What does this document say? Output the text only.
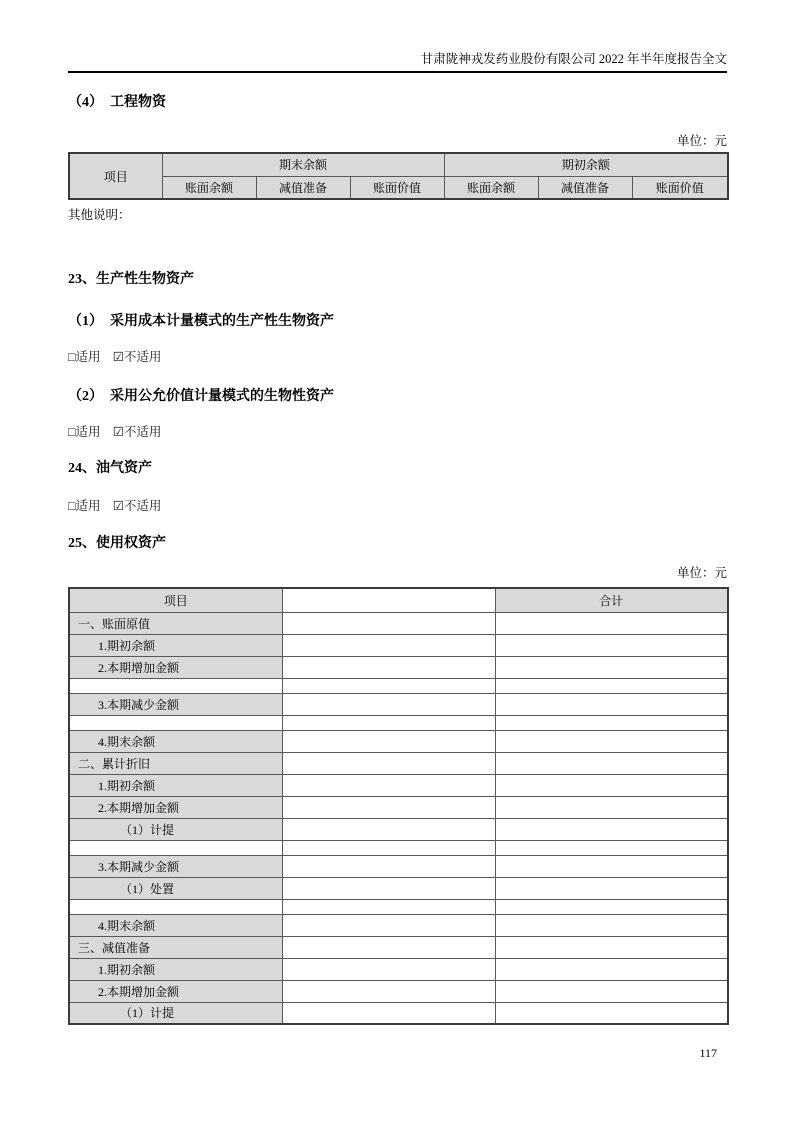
甘肃陇神戎发药业股份有限公司 2022 年半年度报告全文
（4）　工程物资
单位：元
项目	期末余额			期初余额		
	账面余额	减值准备	账面价值	账面余额	减值准备	账面价值

其他说明：

23、生产性生物资产
（1）　采用成本计量模式的生产性生物资产

□适用 ☑不适用

（2）　采用公允价值计量模式的生物性资产

□适用 ☑不适用

24、油气资产

□适用 ☑不适用

25、使用权资产
单位：元
项目		合计
一、账面原值		
1.期初余额		
2.本期增加金额		

3.本期减少金额		

4.期末余额		
二、累计折旧		
1.期初余额		
2.本期增加金额		
（1）计提		

3.本期减少金额		
（1）处置		

4.期末余额		
三、减值准备		
1.期初余额		
2.本期增加金额		
（1）计提		
117
